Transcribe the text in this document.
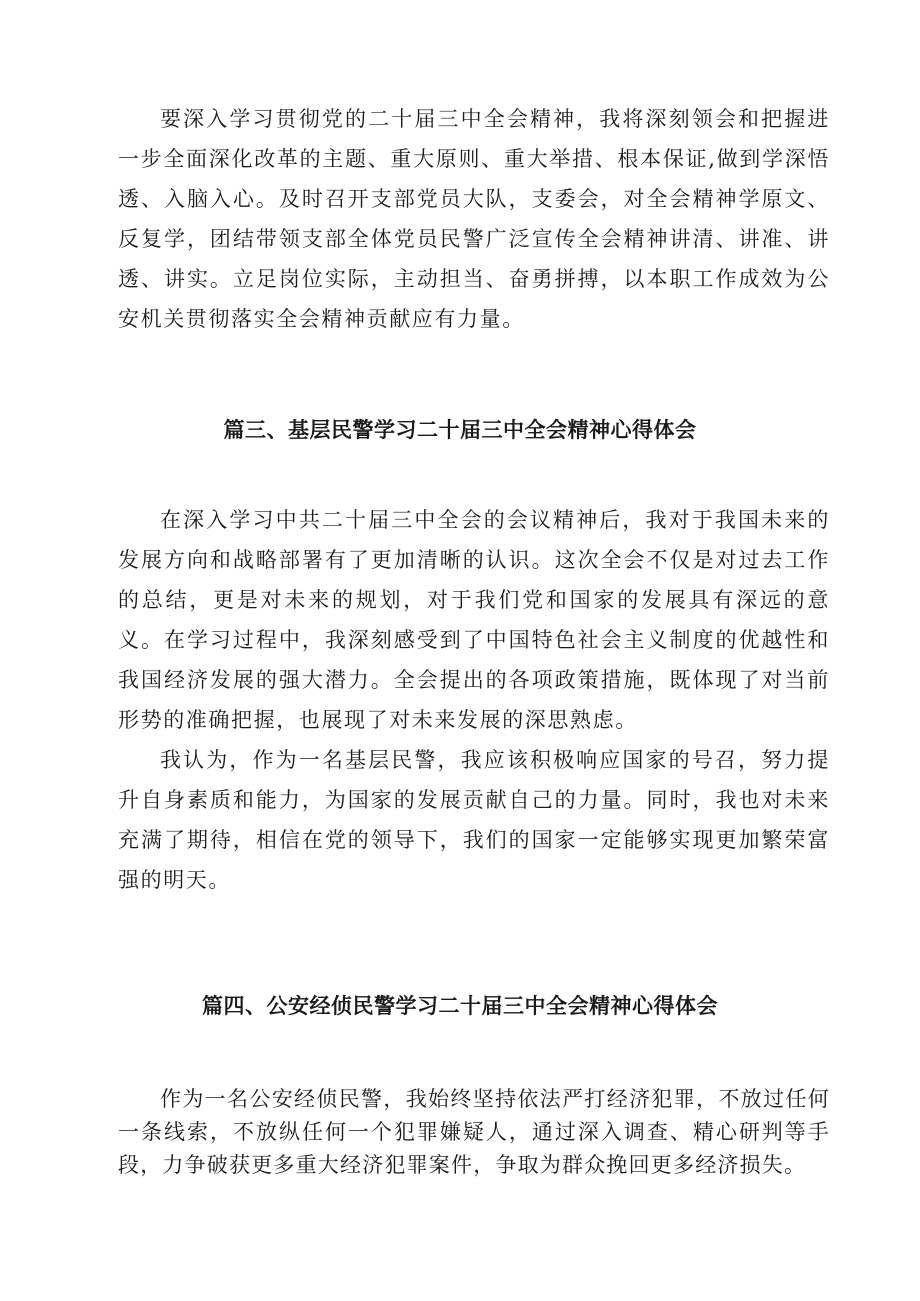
要深入学习贯彻党的二十届三中全会精神，我将深刻领会和把握进一步全面深化改革的主题、重大原则、重大举措、根本保证,做到学深悟透、入脑入心。及时召开支部党员大队，支委会，对全会精神学原文、反复学，团结带领支部全体党员民警广泛宣传全会精神讲清、讲准、讲透、讲实。立足岗位实际，主动担当、奋勇拼搏，以本职工作成效为公安机关贯彻落实全会精神贡献应有力量。

篇三、基层民警学习二十届三中全会精神心得体会

在深入学习中共二十届三中全会的会议精神后，我对于我国未来的发展方向和战略部署有了更加清晰的认识。这次全会不仅是对过去工作的总结，更是对未来的规划，对于我们党和国家的发展具有深远的意义。在学习过程中，我深刻感受到了中国特色社会主义制度的优越性和我国经济发展的强大潜力。全会提出的各项政策措施，既体现了对当前形势的准确把握，也展现了对未来发展的深思熟虑。

我认为，作为一名基层民警，我应该积极响应国家的号召，努力提升自身素质和能力，为国家的发展贡献自己的力量。同时，我也对未来充满了期待，相信在党的领导下，我们的国家一定能够实现更加繁荣富强的明天。

篇四、公安经侦民警学习二十届三中全会精神心得体会

作为一名公安经侦民警，我始终坚持依法严打经济犯罪，不放过任何一条线索，不放纵任何一个犯罪嫌疑人，通过深入调查、精心研判等手段，力争破获更多重大经济犯罪案件，争取为群众挽回更多经济损失。
